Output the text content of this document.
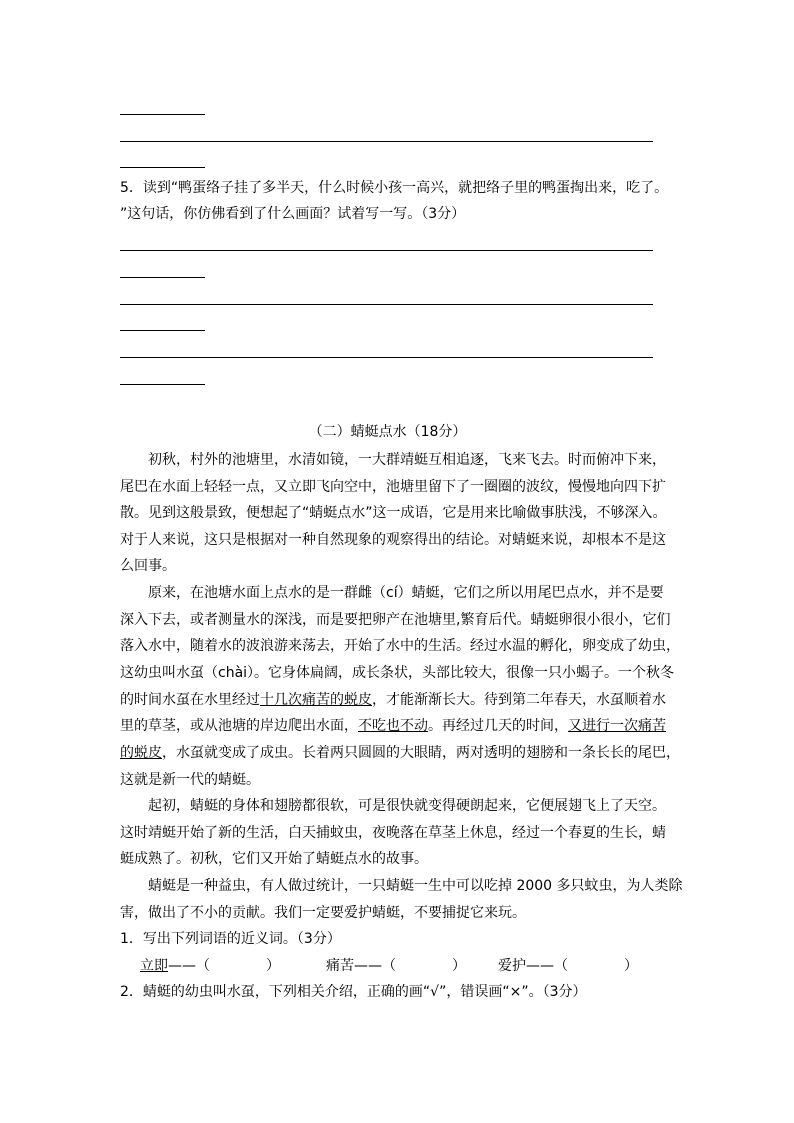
5．读到“鸭蛋络子挂了多半天，什么时候小孩一高兴，就把络子里的鸭蛋掏出来，吃了。
”这句话，你仿佛看到了什么画面？试着写一写。（3分）
（二）蜻蜓点水（18分）
　　初秋，村外的池塘里，水清如镜，一大群靖蜓互相追逐，飞来飞去。时而俯冲下来，
尾巴在水面上轻轻一点，又立即飞向空中，池塘里留下了一圈圈的波纹，慢慢地向四下扩
散。见到这般景致，便想起了“蜻蜓点水”这一成语，它是用来比喻做事肤浅，不够深入。
对于人来说，这只是根据对一种自然现象的观察得出的结论。对蜻蜓来说，却根本不是这
么回事。
　　原来，在池塘水面上点水的是一群雌（cí）蜻蜓，它们之所以用尾巴点水，并不是要
深入下去，或者测量水的深浅，而是要把卵产在池塘里,繁育后代。蜻蜓卵很小很小，它们
落入水中，随着水的波浪游来荡去，开始了水中的生活。经过水温的孵化，卵变成了幼虫，
这幼虫叫水虿（chài）。它身体扁阔，成长条状，头部比较大，很像一只小蝎子。一个秋冬
的时间水虿在水里经过十几次痛苦的蜕皮，才能渐渐长大。待到第二年春天，水虿顺着水
里的草茎，或从池塘的岸边爬出水面，不吃也不动。再经过几天的时间，又进行一次痛苦
的蜕皮，水虿就变成了成虫。长着两只圆圆的大眼睛，两对透明的翅膀和一条长长的尾巴，
这就是新一代的蜻蜓。
　　起初，蜻蜓的身体和翅膀都很软，可是很快就变得硬朗起来，它便展翅飞上了天空。
这时靖蜓开始了新的生活，白天捕蚊虫，夜晚落在草茎上休息，经过一个春夏的生长，蜻
蜓成熟了。初秋，它们又开始了蜻蜓点水的故事。
　　蜻蜓是一种益虫，有人做过统计，一只蜻蜓一生中可以吃掉 2000 多只蚊虫，为人类除
害，做出了不小的贡献。我们一定要爱护蜻蜓，不要捕捉它来玩。
1．写出下列词语的近义词。（3分）
立即——（　　　　）	痛苦——（　　　　）	爱护——（　　　　）
2．蜻蜓的幼虫叫水虿，下列相关介绍，正确的画“√”，错误画“×”。（3分）
